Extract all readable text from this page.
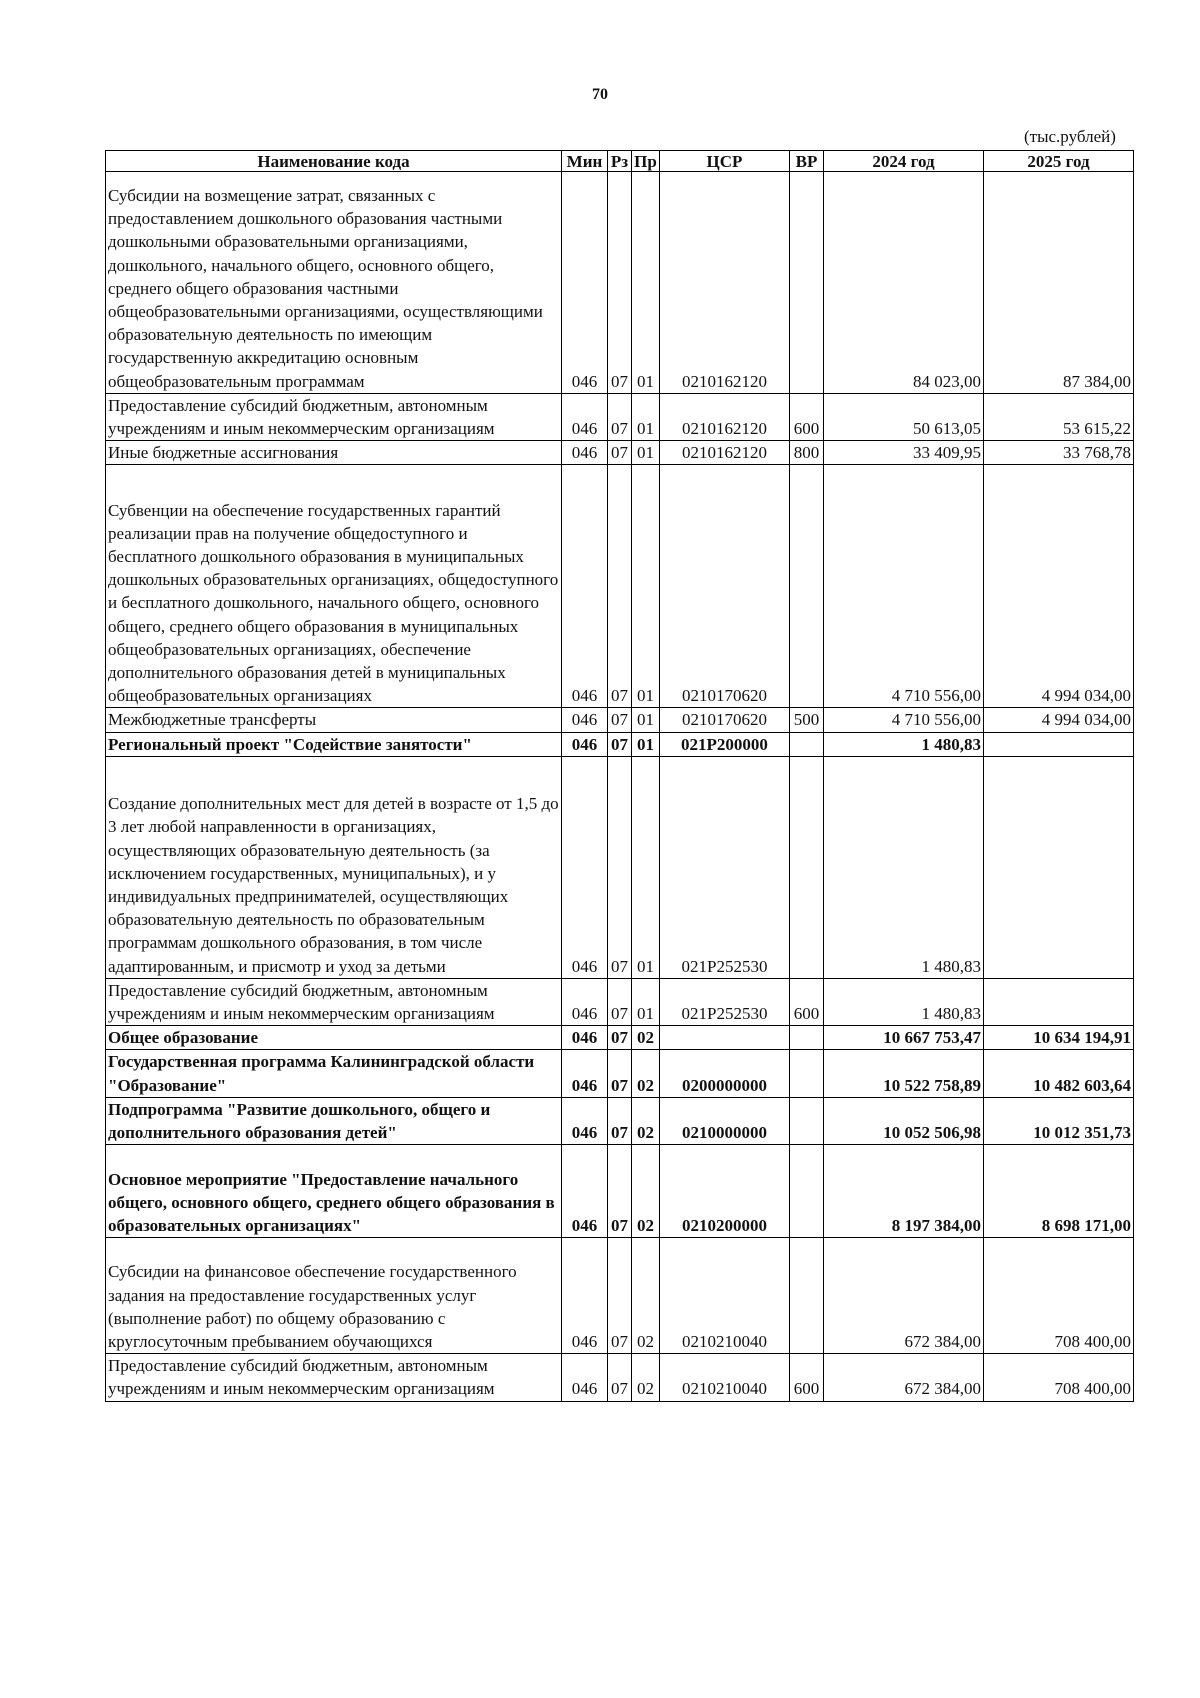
70
(тыс.рублей)
Наименование кода	Мин	Рз	Пр	ЦСР	ВР	2024 год	2025 год
Субсидии на возмещение затрат, связанных с предоставлением дошкольного образования частными дошкольными образовательными организациями, дошкольного, начального общего, основного общего, среднего общего образования частными общеобразовательными организациями, осуществляющими образовательную деятельность по имеющим государственную аккредитацию основным общеобразовательным программам	046	07	01	0210162120		84 023,00	87 384,00
Предоставление субсидий бюджетным, автономным учреждениям и иным некоммерческим организациям	046	07	01	0210162120	600	50 613,05	53 615,22
Иные бюджетные ассигнования	046	07	01	0210162120	800	33 409,95	33 768,78
Субвенции на обеспечение государственных гарантий реализации прав на получение общедоступного и бесплатного дошкольного образования в муниципальных дошкольных образовательных организациях, общедоступного и бесплатного дошкольного, начального общего, основного общего, среднего общего образования в муниципальных общеобразовательных организациях, обеспечение дополнительного образования детей в муниципальных общеобразовательных организациях	046	07	01	0210170620		4 710 556,00	4 994 034,00
Межбюджетные трансферты	046	07	01	0210170620	500	4 710 556,00	4 994 034,00
Региональный проект "Содействие занятости"	046	07	01	021P200000		1 480,83	
Создание дополнительных мест для детей в возрасте от 1,5 до 3 лет любой направленности в организациях, осуществляющих образовательную деятельность (за исключением государственных, муниципальных), и у индивидуальных предпринимателей, осуществляющих образовательную деятельность по образовательным программам дошкольного образования, в том числе адаптированным, и присмотр и уход за детьми	046	07	01	021P252530		1 480,83	
Предоставление субсидий бюджетным, автономным учреждениям и иным некоммерческим организациям	046	07	01	021P252530	600	1 480,83	
Общее образование	046	07	02			10 667 753,47	10 634 194,91
Государственная программа Калининградской области "Образование"	046	07	02	0200000000		10 522 758,89	10 482 603,64
Подпрограмма "Развитие дошкольного, общего и дополнительного образования детей"	046	07	02	0210000000		10 052 506,98	10 012 351,73
Основное мероприятие "Предоставление начального общего, основного общего, среднего общего образования в образовательных организациях"	046	07	02	0210200000		8 197 384,00	8 698 171,00
Субсидии на финансовое обеспечение государственного задания на предоставление государственных услуг (выполнение работ) по общему образованию с круглосуточным пребыванием обучающихся	046	07	02	0210210040		672 384,00	708 400,00
Предоставление субсидий бюджетным, автономным учреждениям и иным некоммерческим организациям	046	07	02	0210210040	600	672 384,00	708 400,00
